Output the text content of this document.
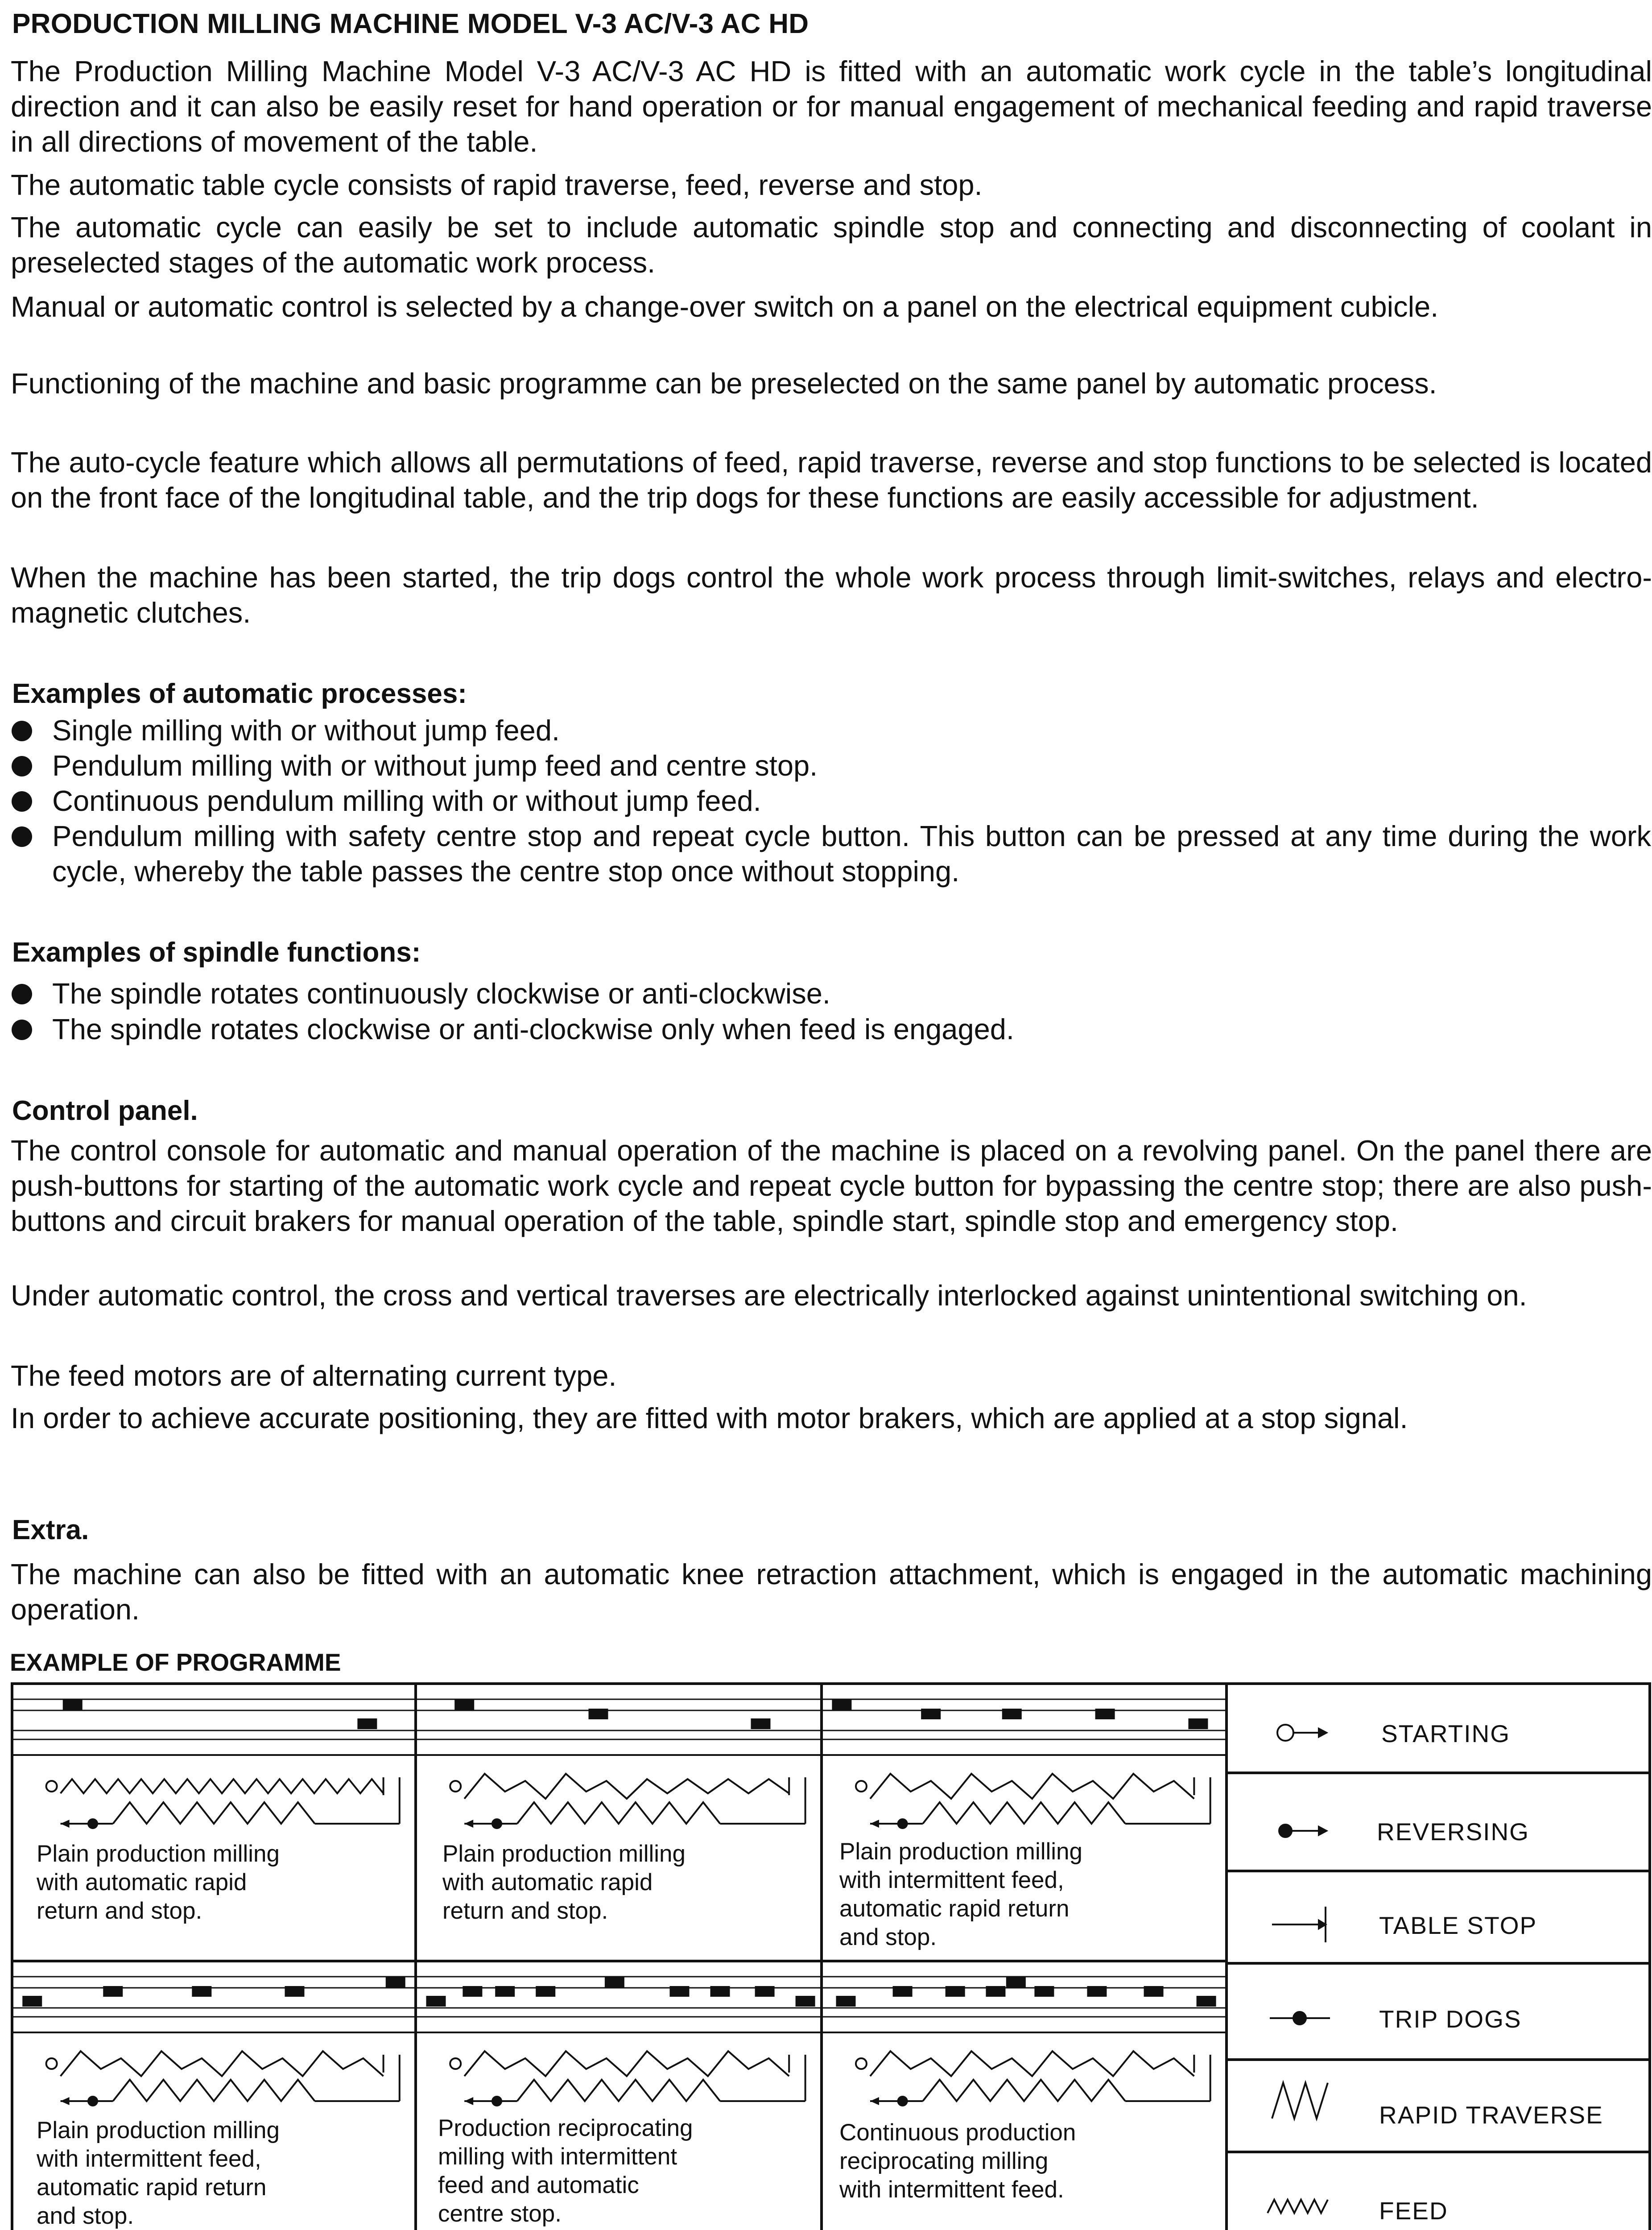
PRODUCTION MILLING MACHINE MODEL V-3 AC/V-3 AC HD
The Production Milling Machine Model V-3 AC/V-3 AC HD is fitted with an automatic work cycle in the table’s longitudinal direction and it can also be easily reset for hand operation or for manual engagement of mechanical feeding and rapid traverse in all directions of movement of the table.
The automatic table cycle consists of rapid traverse, feed, reverse and stop.
The automatic cycle can easily be set to include automatic spindle stop and connecting and disconnecting of coolant in preselected stages of the automatic work process.
Manual or automatic control is selected by a change-over switch on a panel on the electrical equipment cubicle.
Functioning of the machine and basic programme can be preselected on the same panel by automatic process.
The auto-cycle feature which allows all permutations of feed, rapid traverse, reverse and stop functions to be selected is located on the front face of the longitudinal table, and the trip dogs for these functions are easily accessible for adjustment.
When the machine has been started, the trip dogs control the whole work process through limit-switches, relays and electro-magnetic clutches.
Examples of automatic processes:
Single milling with or without jump feed.
Pendulum milling with or without jump feed and centre stop.
Continuous pendulum milling with or without jump feed.
Pendulum milling with safety centre stop and repeat cycle button. This button can be pressed at any time during the work cycle, whereby the table passes the centre stop once without stopping.
Examples of spindle functions:
The spindle rotates continuously clockwise or anti-clockwise.
The spindle rotates clockwise or anti-clockwise only when feed is engaged.
Control panel.
The control console for automatic and manual operation of the machine is placed on a revolving panel. On the panel there are push-buttons for starting of the automatic work cycle and repeat cycle button for bypassing the centre stop; there are also push-buttons and circuit brakers for manual operation of the table, spindle start, spindle stop and emergency stop.
Under automatic control, the cross and vertical traverses are electrically interlocked against unintentional switching on.
The feed motors are of alternating current type.
In order to achieve accurate positioning, they are fitted with motor brakers, which are applied at a stop signal.
Extra.
The machine can also be fitted with an automatic knee retraction attachment, which is engaged in the automatic machining operation.
EXAMPLE OF PROGRAMME
Plain production milling
with automatic rapid
return and stop.
Plain production milling
with automatic rapid
return and stop.
Plain production milling
with intermittent feed,
automatic rapid return
and stop.
Plain production milling
with intermittent feed,
automatic rapid return
and stop.
Production reciprocating
milling with intermittent
feed and automatic
centre stop.
Continuous production
reciprocating milling
with intermittent feed.
STARTING
REVERSING
TABLE STOP
TRIP DOGS
RAPID TRAVERSE
FEED
